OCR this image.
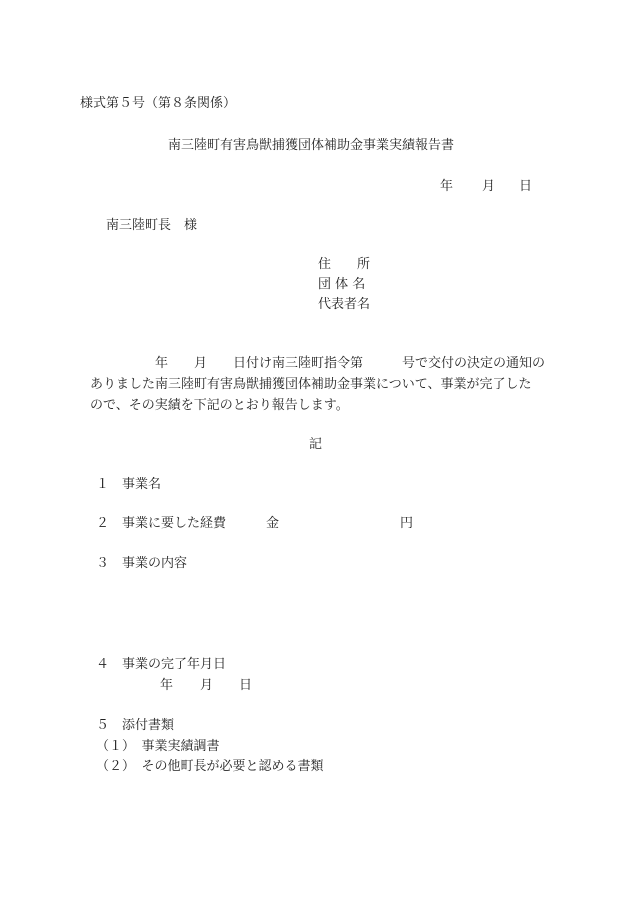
様式第５号（第８条関係）
南三陸町有害鳥獣捕獲団体補助金事業実績報告書
年 月 日
南三陸町長　様
住　　所
団 体 名
代表者名
　　　　　年　　月　　日付け南三陸町指令第　　　号で交付の決定の通知の
ありました南三陸町有害鳥獣捕獲団体補助金事業について、事業が完了した
ので、その実績を下記のとおり報告します。
記
１　事業名
２　事業に要した経費	金	円
３　事業の内容
４　事業の完了年月日
年 月 日
５　添付書類
（１）　事業実績調書
（２）　その他町長が必要と認める書類
